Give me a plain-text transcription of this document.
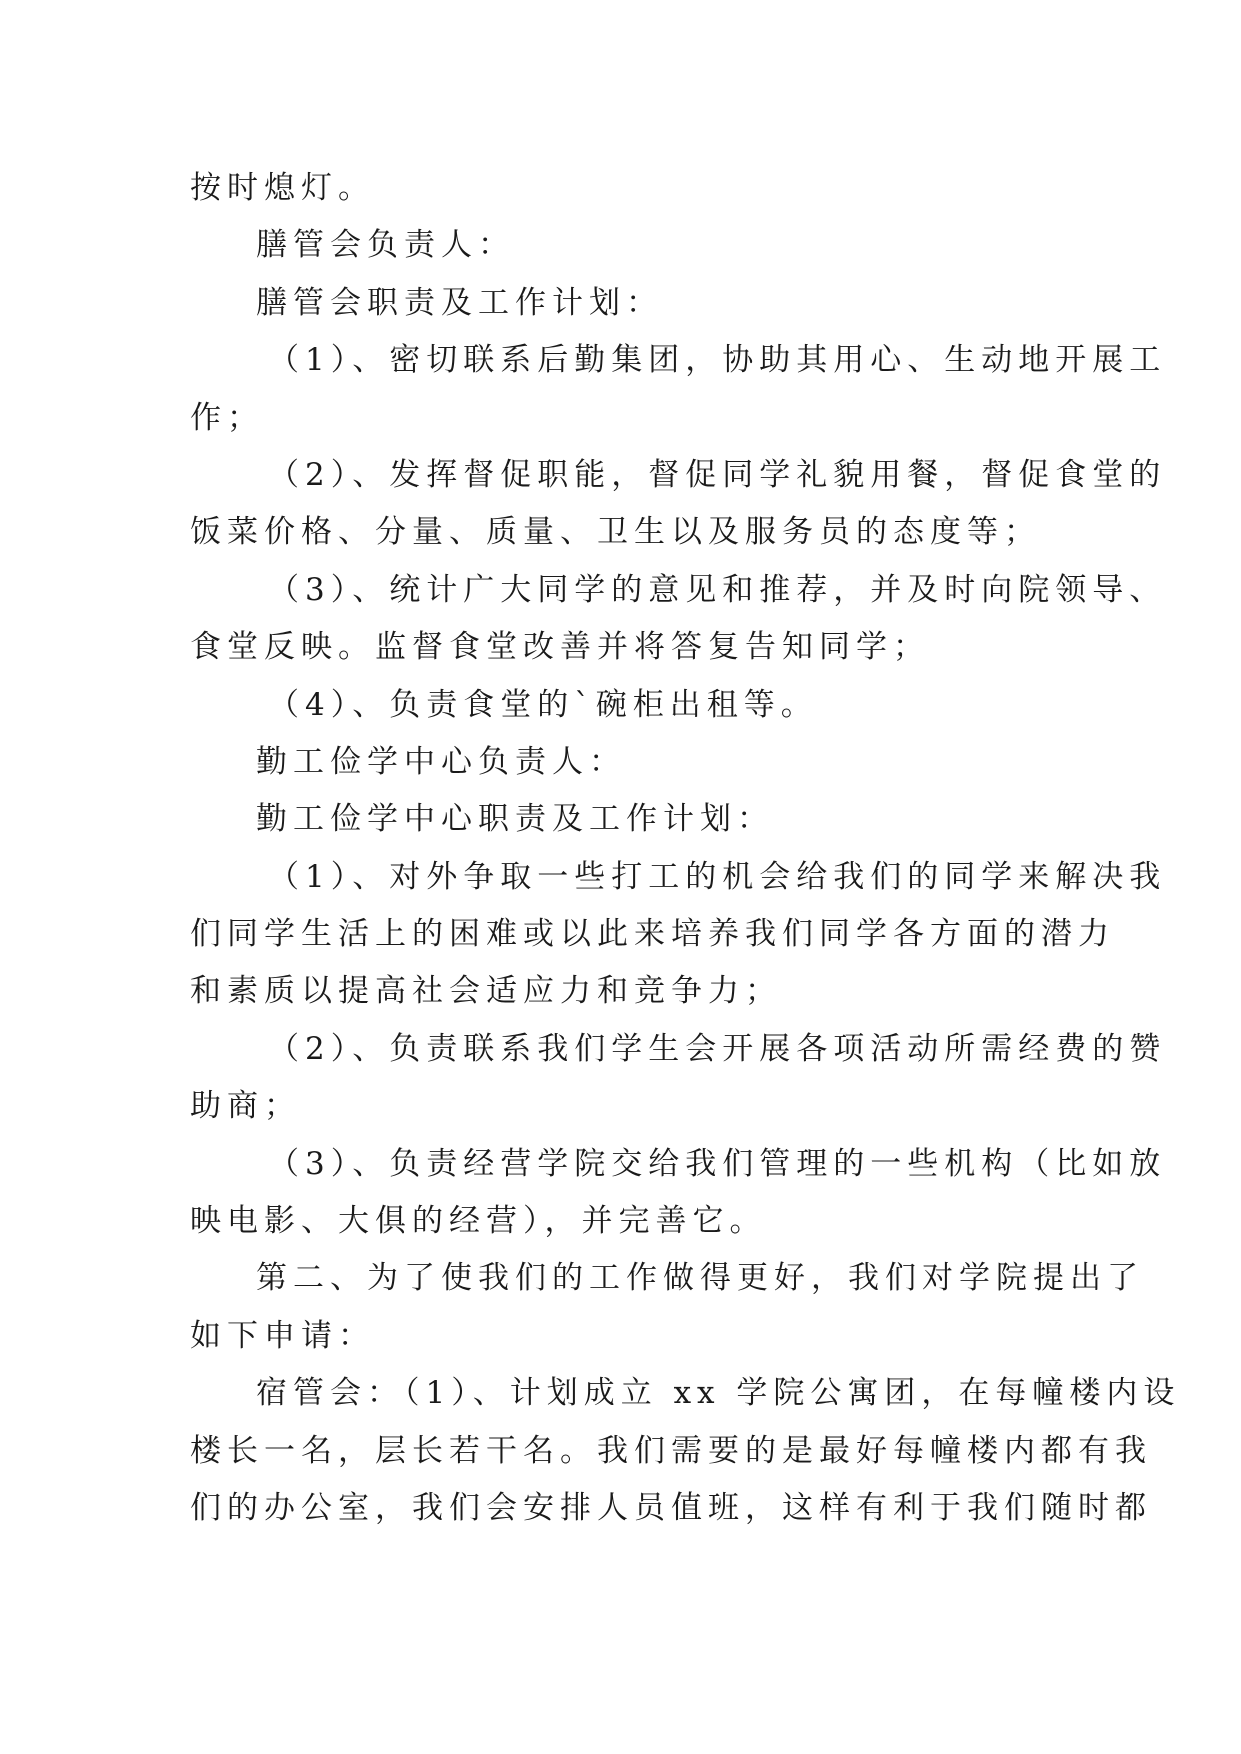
按时熄灯。
膳管会负责人：
膳管会职责及工作计划：
（1）、密切联系后勤集团，协助其用心、生动地开展工
作；
（2）、发挥督促职能，督促同学礼貌用餐，督促食堂的
饭菜价格、分量、质量、卫生以及服务员的态度等；
（3）、统计广大同学的意见和推荐，并及时向院领导、
食堂反映。监督食堂改善并将答复告知同学；
（4）、负责食堂的`碗柜出租等。
勤工俭学中心负责人：
勤工俭学中心职责及工作计划：
（1）、对外争取一些打工的机会给我们的同学来解决我
们同学生活上的困难或以此来培养我们同学各方面的潜力
和素质以提高社会适应力和竞争力；
（2）、负责联系我们学生会开展各项活动所需经费的赞
助商；
（3）、负责经营学院交给我们管理的一些机构（比如放
映电影、大俱的经营），并完善它。
第二、为了使我们的工作做得更好，我们对学院提出了
如下申请：
宿管会：（1）、计划成立 xx 学院公寓团，在每幢楼内设
楼长一名，层长若干名。我们需要的是最好每幢楼内都有我
们的办公室，我们会安排人员值班，这样有利于我们随时都
